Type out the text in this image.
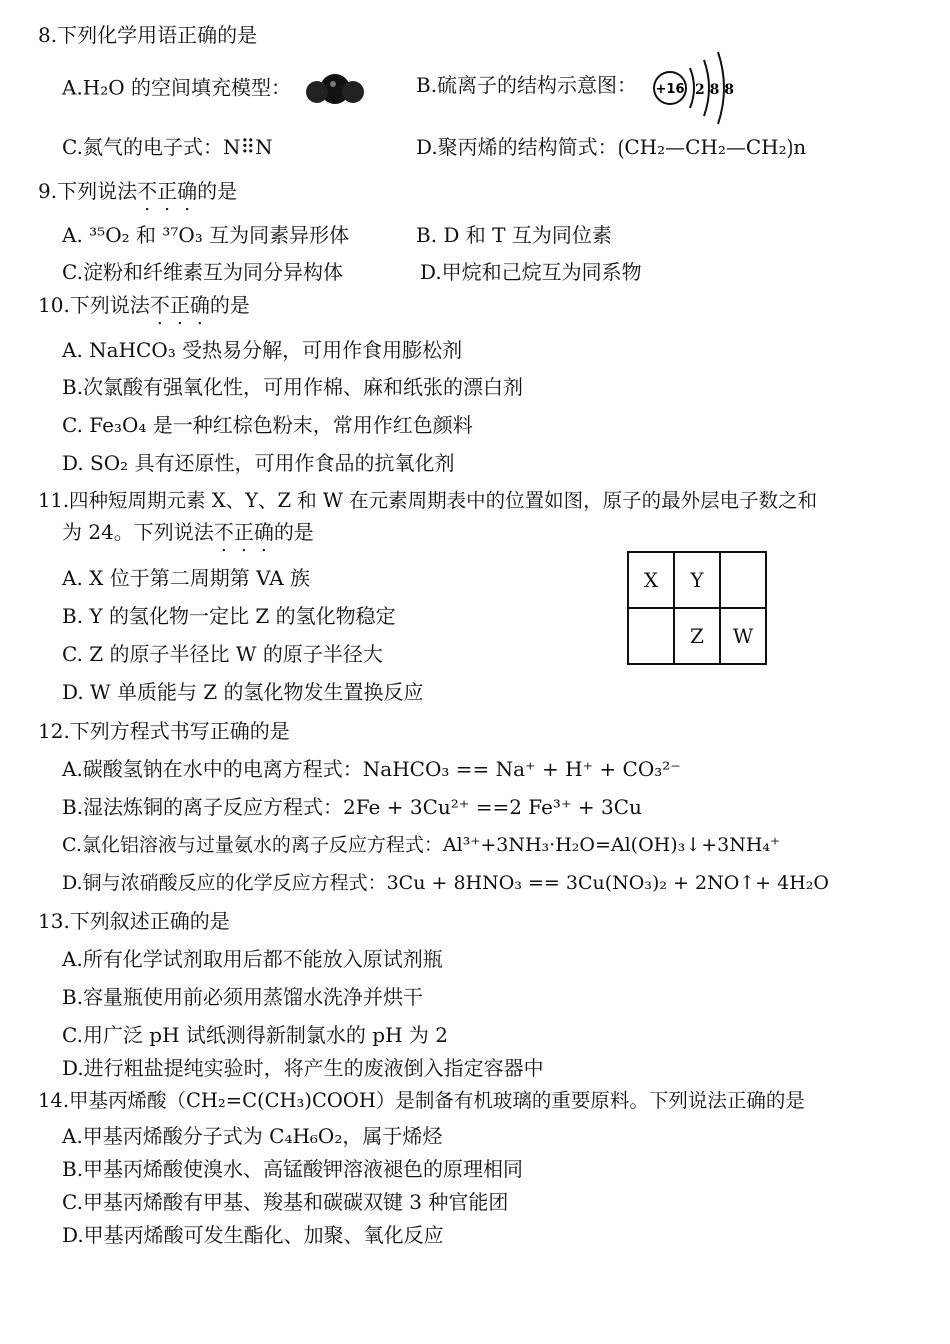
8.下列化学用语正确的是
A.H₂O 的空间填充模型：	B.硫离子的结构示意图： +16 2 8 8
C.氮气的电子式：N⠿N	D.聚丙烯的结构简式：⟮CH₂—CH₂—CH₂⟯n
9.下列说法不正确的是
A. ³⁵O₂ 和 ³⁷O₃ 互为同素异形体	B. D 和 T 互为同位素
C.淀粉和纤维素互为同分异构体	D.甲烷和己烷互为同系物
10.下列说法不正确的是
A. NaHCO₃ 受热易分解，可用作食用膨松剂
B.次氯酸有强氧化性，可用作棉、麻和纸张的漂白剂
C. Fe₃O₄ 是一种红棕色粉末，常用作红色颜料
D. SO₂ 具有还原性，可用作食品的抗氧化剂
11.四种短周期元素 X、Y、Z 和 W 在元素周期表中的位置如图，原子的最外层电子数之和
为 24。下列说法不正确的是
A. X 位于第二周期第 VA 族
B. Y 的氢化物一定比 Z 的氢化物稳定
C. Z 的原子半径比 W 的原子半径大
D. W 单质能与 Z 的氢化物发生置换反应
X	Y	
	Z	W
12.下列方程式书写正确的是
A.碳酸氢钠在水中的电离方程式：NaHCO₃ == Na⁺ + H⁺ + CO₃²⁻
B.湿法炼铜的离子反应方程式：2Fe + 3Cu²⁺ ==2 Fe³⁺ + 3Cu
C.氯化铝溶液与过量氨水的离子反应方程式：Al³⁺+3NH₃·H₂O=Al(OH)₃↓+3NH₄⁺
D.铜与浓硝酸反应的化学反应方程式：3Cu + 8HNO₃ == 3Cu(NO₃)₂ + 2NO↑+ 4H₂O
13.下列叙述正确的是
A.所有化学试剂取用后都不能放入原试剂瓶
B.容量瓶使用前必须用蒸馏水洗净并烘干
C.用广泛 pH 试纸测得新制氯水的 pH 为 2
D.进行粗盐提纯实验时，将产生的废液倒入指定容器中
14.甲基丙烯酸（CH₂=C(CH₃)COOH）是制备有机玻璃的重要原料。下列说法正确的是
A.甲基丙烯酸分子式为 C₄H₆O₂，属于烯烃
B.甲基丙烯酸使溴水、高锰酸钾溶液褪色的原理相同
C.甲基丙烯酸有甲基、羧基和碳碳双键 3 种官能团
D.甲基丙烯酸可发生酯化、加聚、氧化反应
